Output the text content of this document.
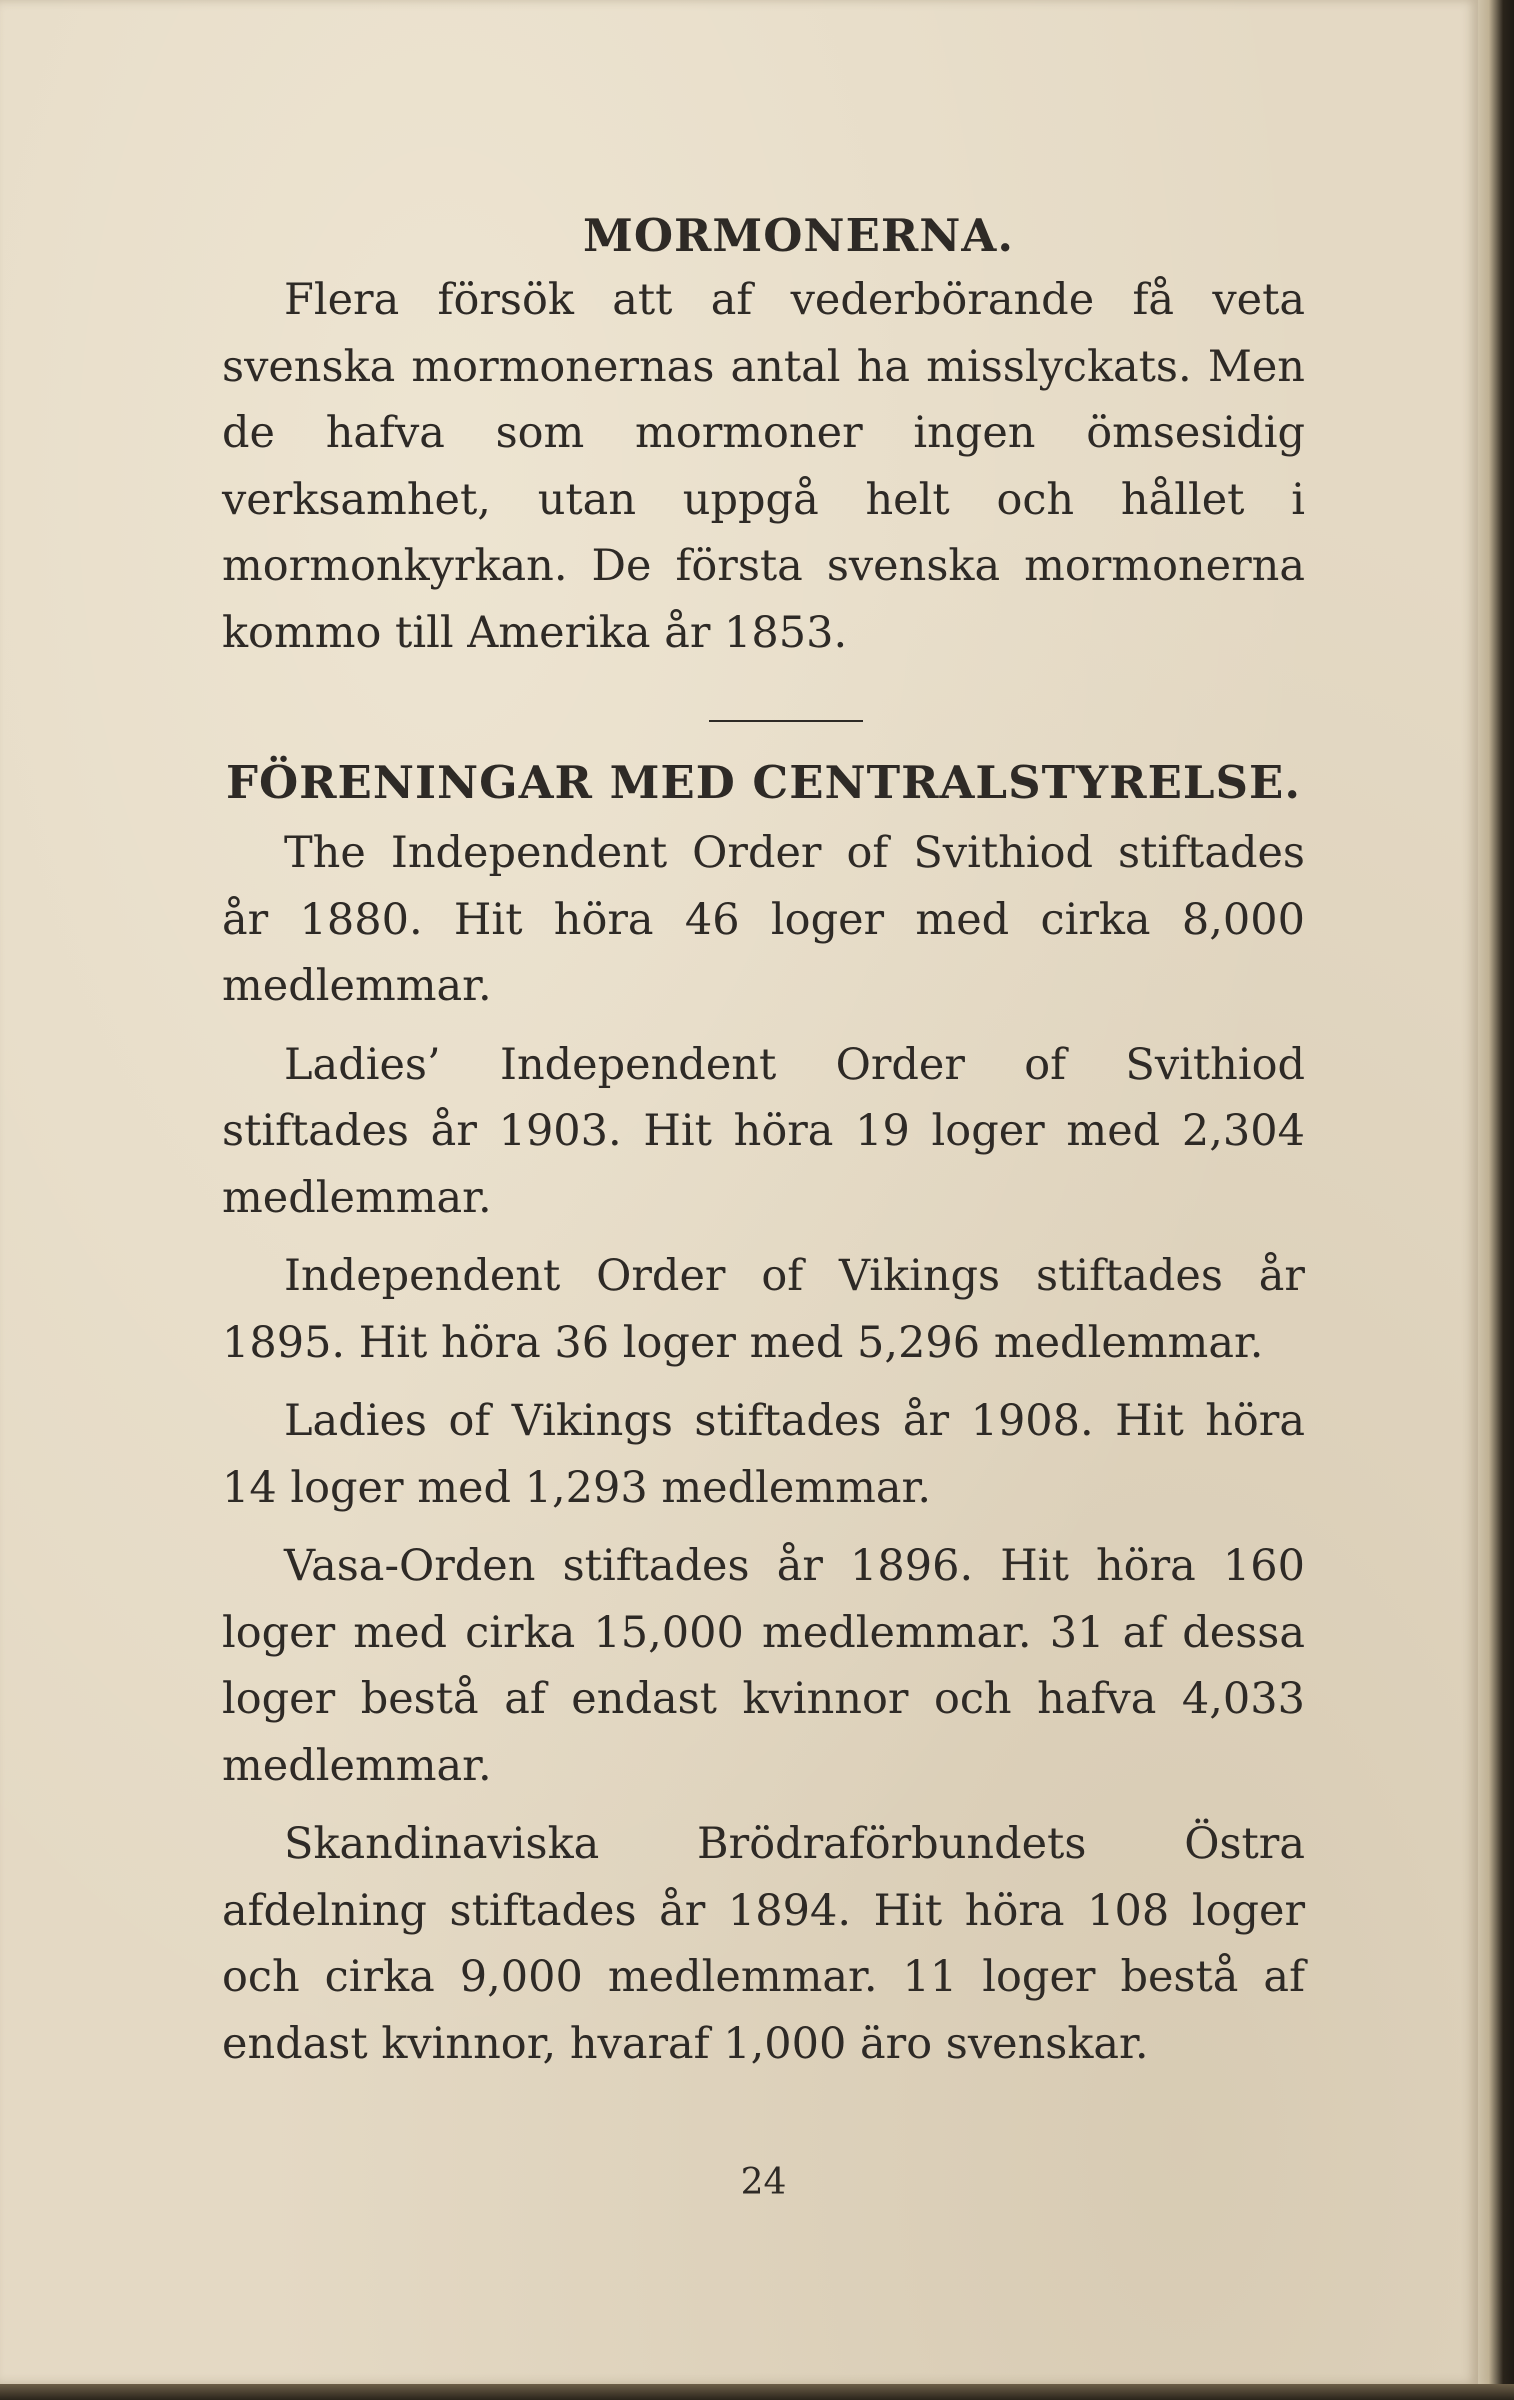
MORMONERNA.

Flera försök att af vederbörande få veta svenska mormonernas antal ha misslyckats. Men de hafva som mormoner ingen ömsesidig verksamhet, utan uppgå helt och hållet i mormonkyrkan. De första svenska mormonerna kommo till Amerika år 1853.

FÖRENINGAR MED CENTRALSTYRELSE.

The Independent Order of Svithiod stiftades år 1880. Hit höra 46 loger med cirka 8,000 medlemmar.

Ladies’ Independent Order of Svithiod stiftades år 1903. Hit höra 19 loger med 2,304 medlemmar.

Independent Order of Vikings stiftades år 1895. Hit höra 36 loger med 5,296 medlemmar.

Ladies of Vikings stiftades år 1908. Hit höra 14 loger med 1,293 medlemmar.

Vasa-Orden stiftades år 1896. Hit höra 160 loger med cirka 15,000 medlemmar. 31 af dessa loger bestå af endast kvinnor och hafva 4,033 medlemmar.

Skandinaviska Brödraförbundets Östra afdelning stiftades år 1894. Hit höra 108 loger och cirka 9,000 medlemmar. 11 loger bestå af endast kvinnor, hvaraf 1,000 äro svenskar.

24
